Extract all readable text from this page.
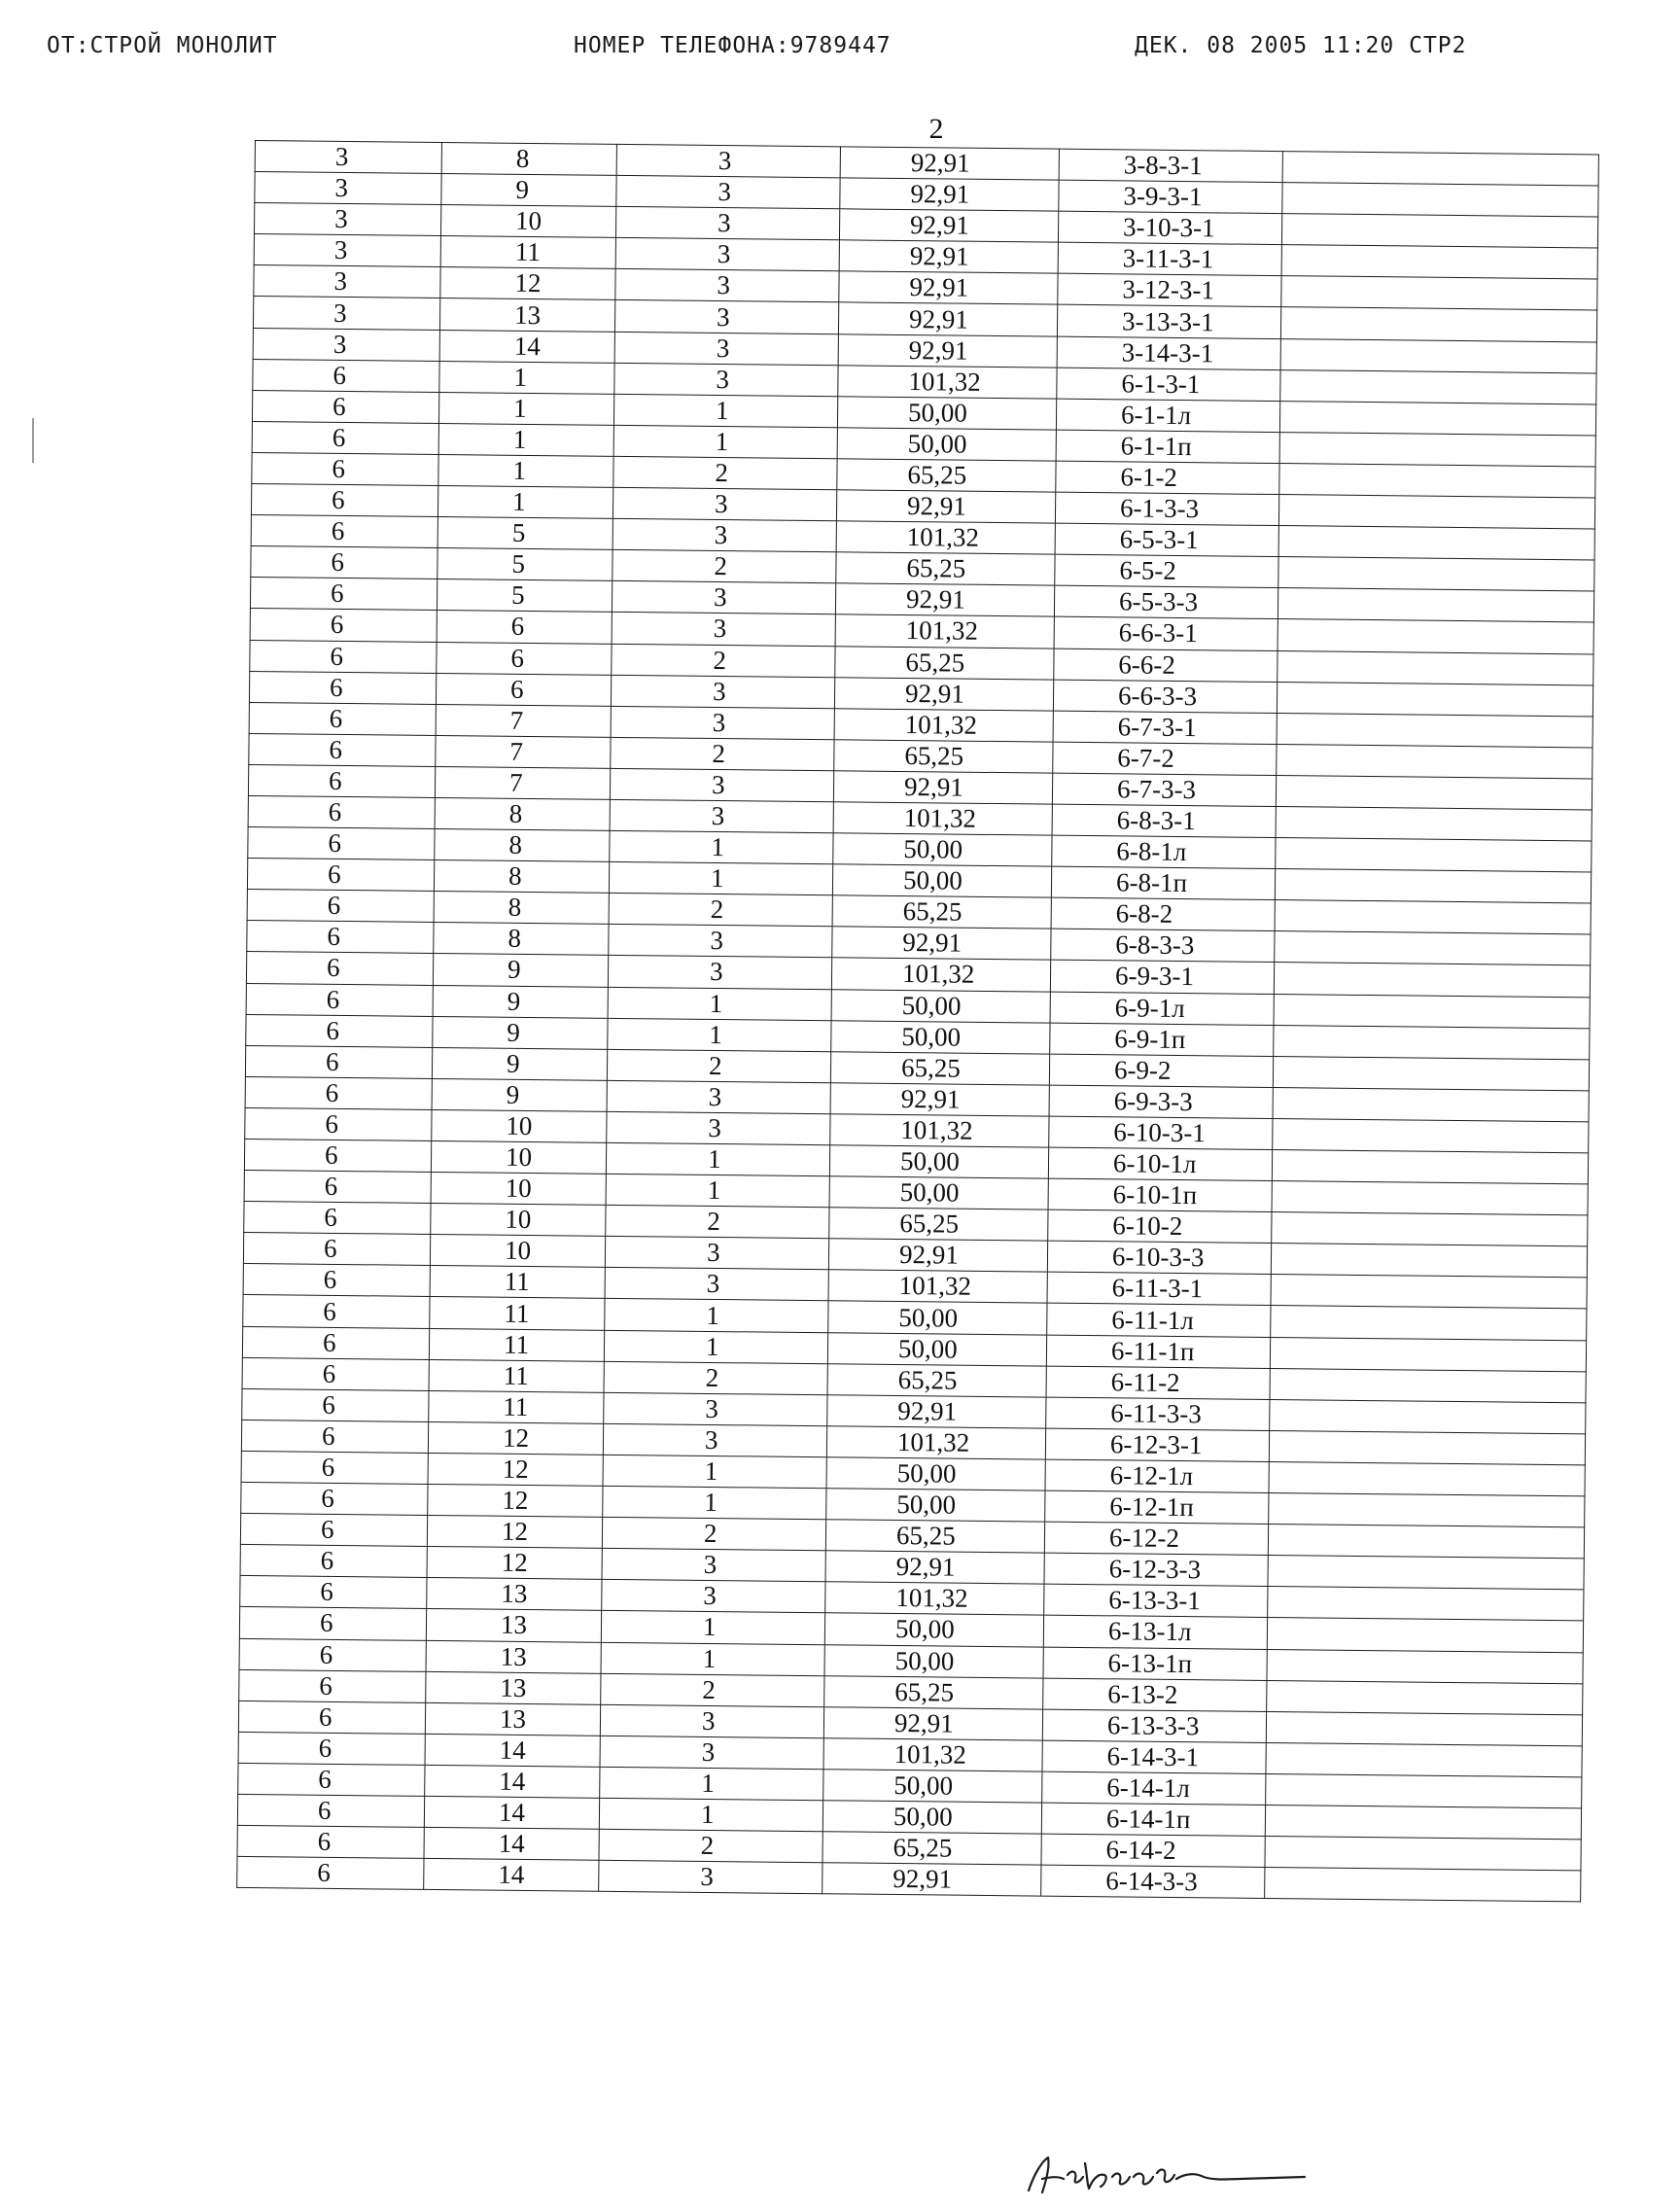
ОТ:СТРОЙ МОНОЛИТ	НОМЕР ТЕЛЕФОНА:9789447	ДЕК. 08 2005 11:20 СТР2
2
3	8	3	92,91	3-8-3-1	
3	9	3	92,91	3-9-3-1	
3	10	3	92,91	3-10-3-1	
3	11	3	92,91	3-11-3-1	
3	12	3	92,91	3-12-3-1	
3	13	3	92,91	3-13-3-1	
3	14	3	92,91	3-14-3-1	
6	1	3	101,32	6-1-3-1	
6	1	1	50,00	6-1-1л	
6	1	1	50,00	6-1-1п	
6	1	2	65,25	6-1-2	
6	1	3	92,91	6-1-3-3	
6	5	3	101,32	6-5-3-1	
6	5	2	65,25	6-5-2	
6	5	3	92,91	6-5-3-3	
6	6	3	101,32	6-6-3-1	
6	6	2	65,25	6-6-2	
6	6	3	92,91	6-6-3-3	
6	7	3	101,32	6-7-3-1	
6	7	2	65,25	6-7-2	
6	7	3	92,91	6-7-3-3	
6	8	3	101,32	6-8-3-1	
6	8	1	50,00	6-8-1л	
6	8	1	50,00	6-8-1п	
6	8	2	65,25	6-8-2	
6	8	3	92,91	6-8-3-3	
6	9	3	101,32	6-9-3-1	
6	9	1	50,00	6-9-1л	
6	9	1	50,00	6-9-1п	
6	9	2	65,25	6-9-2	
6	9	3	92,91	6-9-3-3	
6	10	3	101,32	6-10-3-1	
6	10	1	50,00	6-10-1л	
6	10	1	50,00	6-10-1п	
6	10	2	65,25	6-10-2	
6	10	3	92,91	6-10-3-3	
6	11	3	101,32	6-11-3-1	
6	11	1	50,00	6-11-1л	
6	11	1	50,00	6-11-1п	
6	11	2	65,25	6-11-2	
6	11	3	92,91	6-11-3-3	
6	12	3	101,32	6-12-3-1	
6	12	1	50,00	6-12-1л	
6	12	1	50,00	6-12-1п	
6	12	2	65,25	6-12-2	
6	12	3	92,91	6-12-3-3	
6	13	3	101,32	6-13-3-1	
6	13	1	50,00	6-13-1л	
6	13	1	50,00	6-13-1п	
6	13	2	65,25	6-13-2	
6	13	3	92,91	6-13-3-3	
6	14	3	101,32	6-14-3-1	
6	14	1	50,00	6-14-1л	
6	14	1	50,00	6-14-1п	
6	14	2	65,25	6-14-2	
6	14	3	92,91	6-14-3-3	
Макарова
